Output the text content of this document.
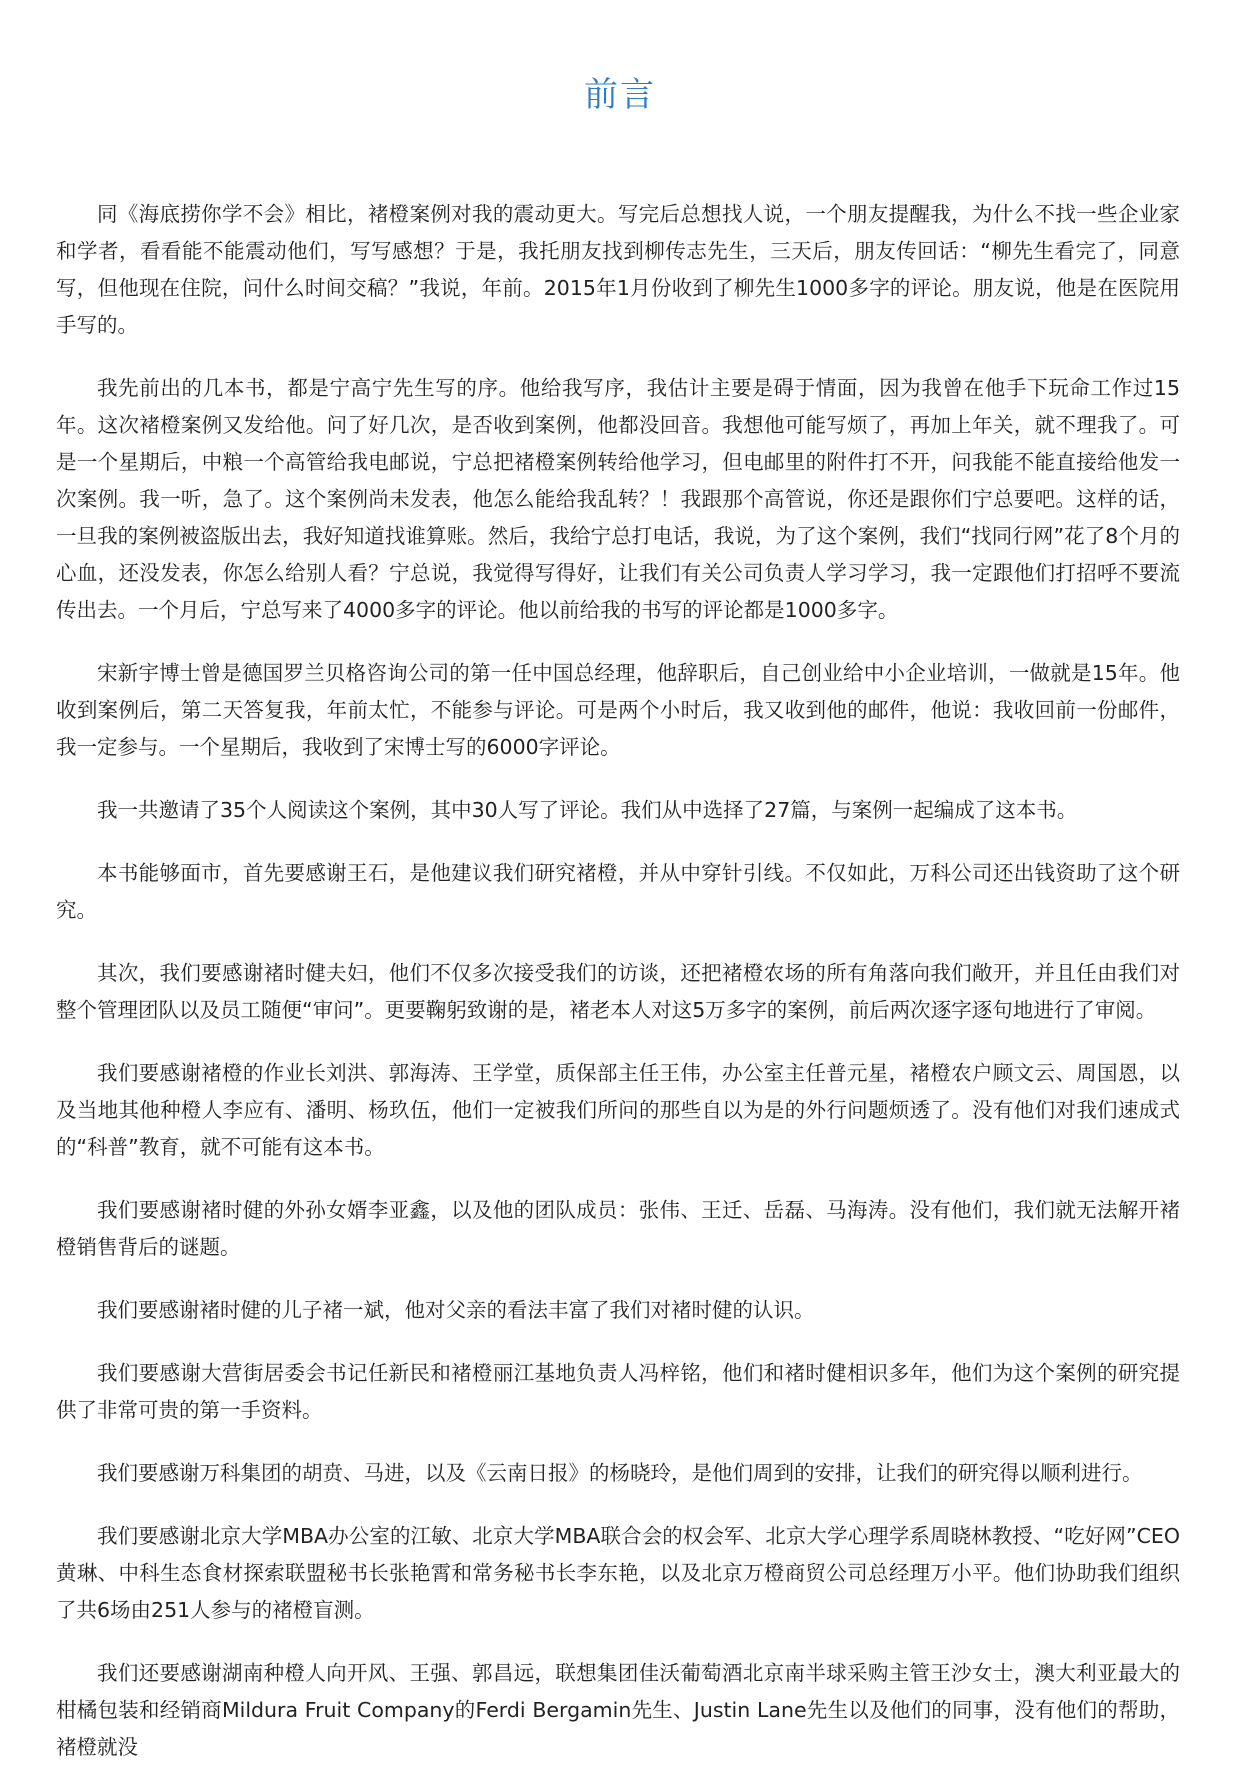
前言

同《海底捞你学不会》相比，褚橙案例对我的震动更大。写完后总想找人说，一个朋友提醒我，为什么不找一些企业家和学者，看看能不能震动他们，写写感想？于是，我托朋友找到柳传志先生，三天后，朋友传回话：“柳先生看完了，同意写，但他现在住院，问什么时间交稿？”我说，年前。2015年1月份收到了柳先生1000多字的评论。朋友说，他是在医院用手写的。

我先前出的几本书，都是宁高宁先生写的序。他给我写序，我估计主要是碍于情面，因为我曾在他手下玩命工作过15年。这次褚橙案例又发给他。问了好几次，是否收到案例，他都没回音。我想他可能写烦了，再加上年关，就不理我了。可是一个星期后，中粮一个高管给我电邮说，宁总把褚橙案例转给他学习，但电邮里的附件打不开，问我能不能直接给他发一次案例。我一听，急了。这个案例尚未发表，他怎么能给我乱转？！我跟那个高管说，你还是跟你们宁总要吧。这样的话，一旦我的案例被盗版出去，我好知道找谁算账。然后，我给宁总打电话，我说，为了这个案例，我们“找同行网”花了8个月的心血，还没发表，你怎么给别人看？宁总说，我觉得写得好，让我们有关公司负责人学习学习，我一定跟他们打招呼不要流传出去。一个月后，宁总写来了4000多字的评论。他以前给我的书写的评论都是1000多字。

宋新宇博士曾是德国罗兰贝格咨询公司的第一任中国总经理，他辞职后，自己创业给中小企业培训，一做就是15年。他收到案例后，第二天答复我，年前太忙，不能参与评论。可是两个小时后，我又收到他的邮件，他说：我收回前一份邮件，我一定参与。一个星期后，我收到了宋博士写的6000字评论。

我一共邀请了35个人阅读这个案例，其中30人写了评论。我们从中选择了27篇，与案例一起编成了这本书。

本书能够面市，首先要感谢王石，是他建议我们研究褚橙，并从中穿针引线。不仅如此，万科公司还出钱资助了这个研究。

其次，我们要感谢褚时健夫妇，他们不仅多次接受我们的访谈，还把褚橙农场的所有角落向我们敞开，并且任由我们对整个管理团队以及员工随便“审问”。更要鞠躬致谢的是，褚老本人对这5万多字的案例，前后两次逐字逐句地进行了审阅。

我们要感谢褚橙的作业长刘洪、郭海涛、王学堂，质保部主任王伟，办公室主任普元星，褚橙农户顾文云、周国恩，以及当地其他种橙人李应有、潘明、杨玖伍，他们一定被我们所问的那些自以为是的外行问题烦透了。没有他们对我们速成式的“科普”教育，就不可能有这本书。

我们要感谢褚时健的外孙女婿李亚鑫，以及他的团队成员：张伟、王迁、岳磊、马海涛。没有他们，我们就无法解开褚橙销售背后的谜题。

我们要感谢褚时健的儿子褚一斌，他对父亲的看法丰富了我们对褚时健的认识。

我们要感谢大营街居委会书记任新民和褚橙丽江基地负责人冯梓铭，他们和褚时健相识多年，他们为这个案例的研究提供了非常可贵的第一手资料。

我们要感谢万科集团的胡贲、马进，以及《云南日报》的杨晓玲，是他们周到的安排，让我们的研究得以顺利进行。

我们要感谢北京大学MBA办公室的江敏、北京大学MBA联合会的权会军、北京大学心理学系周晓林教授、“吃好网”CEO黄琳、中科生态食材探索联盟秘书长张艳霄和常务秘书长李东艳，以及北京万橙商贸公司总经理万小平。他们协助我们组织了共6场由251人参与的褚橙盲测。

我们还要感谢湖南种橙人向开风、王强、郭昌远，联想集团佳沃葡萄酒北京南半球采购主管王沙女士，澳大利亚最大的柑橘包装和经销商Mildura Fruit Company的Ferdi Bergamin先生、Justin Lane先生以及他们的同事，没有他们的帮助，褚橙就没
